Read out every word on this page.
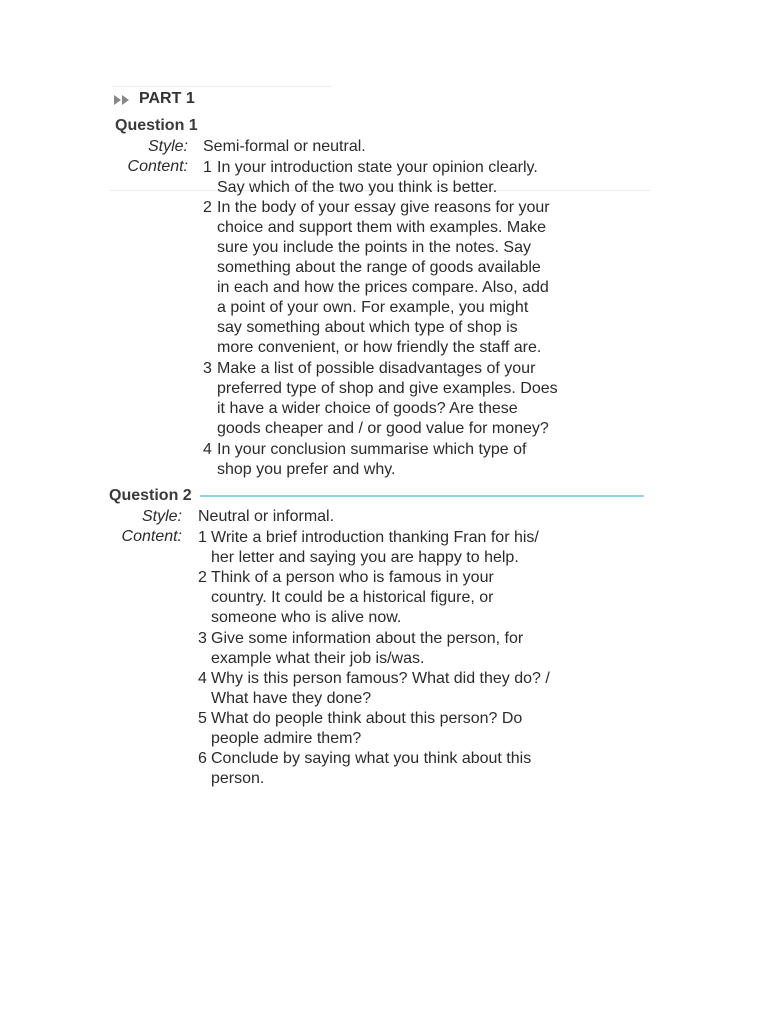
PART 1
Question 1
Style: Semi-formal or neutral.
Content: 1 In your introduction state your opinion clearly.
Say which of the two you think is better.
2 In the body of your essay give reasons for your
choice and support them with examples. Make
sure you include the points in the notes. Say
something about the range of goods available
in each and how the prices compare. Also, add
a point of your own. For example, you might
say something about which type of shop is
more convenient, or how friendly the staff are.
3 Make a list of possible disadvantages of your
preferred type of shop and give examples. Does
it have a wider choice of goods? Are these
goods cheaper and / or good value for money?
4 In your conclusion summarise which type of
shop you prefer and why.
Question 2
Style: Neutral or informal.
Content: 1 Write a brief introduction thanking Fran for his/
her letter and saying you are happy to help.
2 Think of a person who is famous in your
country. It could be a historical figure, or
someone who is alive now.
3 Give some information about the person, for
example what their job is/was.
4 Why is this person famous? What did they do? /
What have they done?
5 What do people think about this person? Do
people admire them?
6 Conclude by saying what you think about this
person.
